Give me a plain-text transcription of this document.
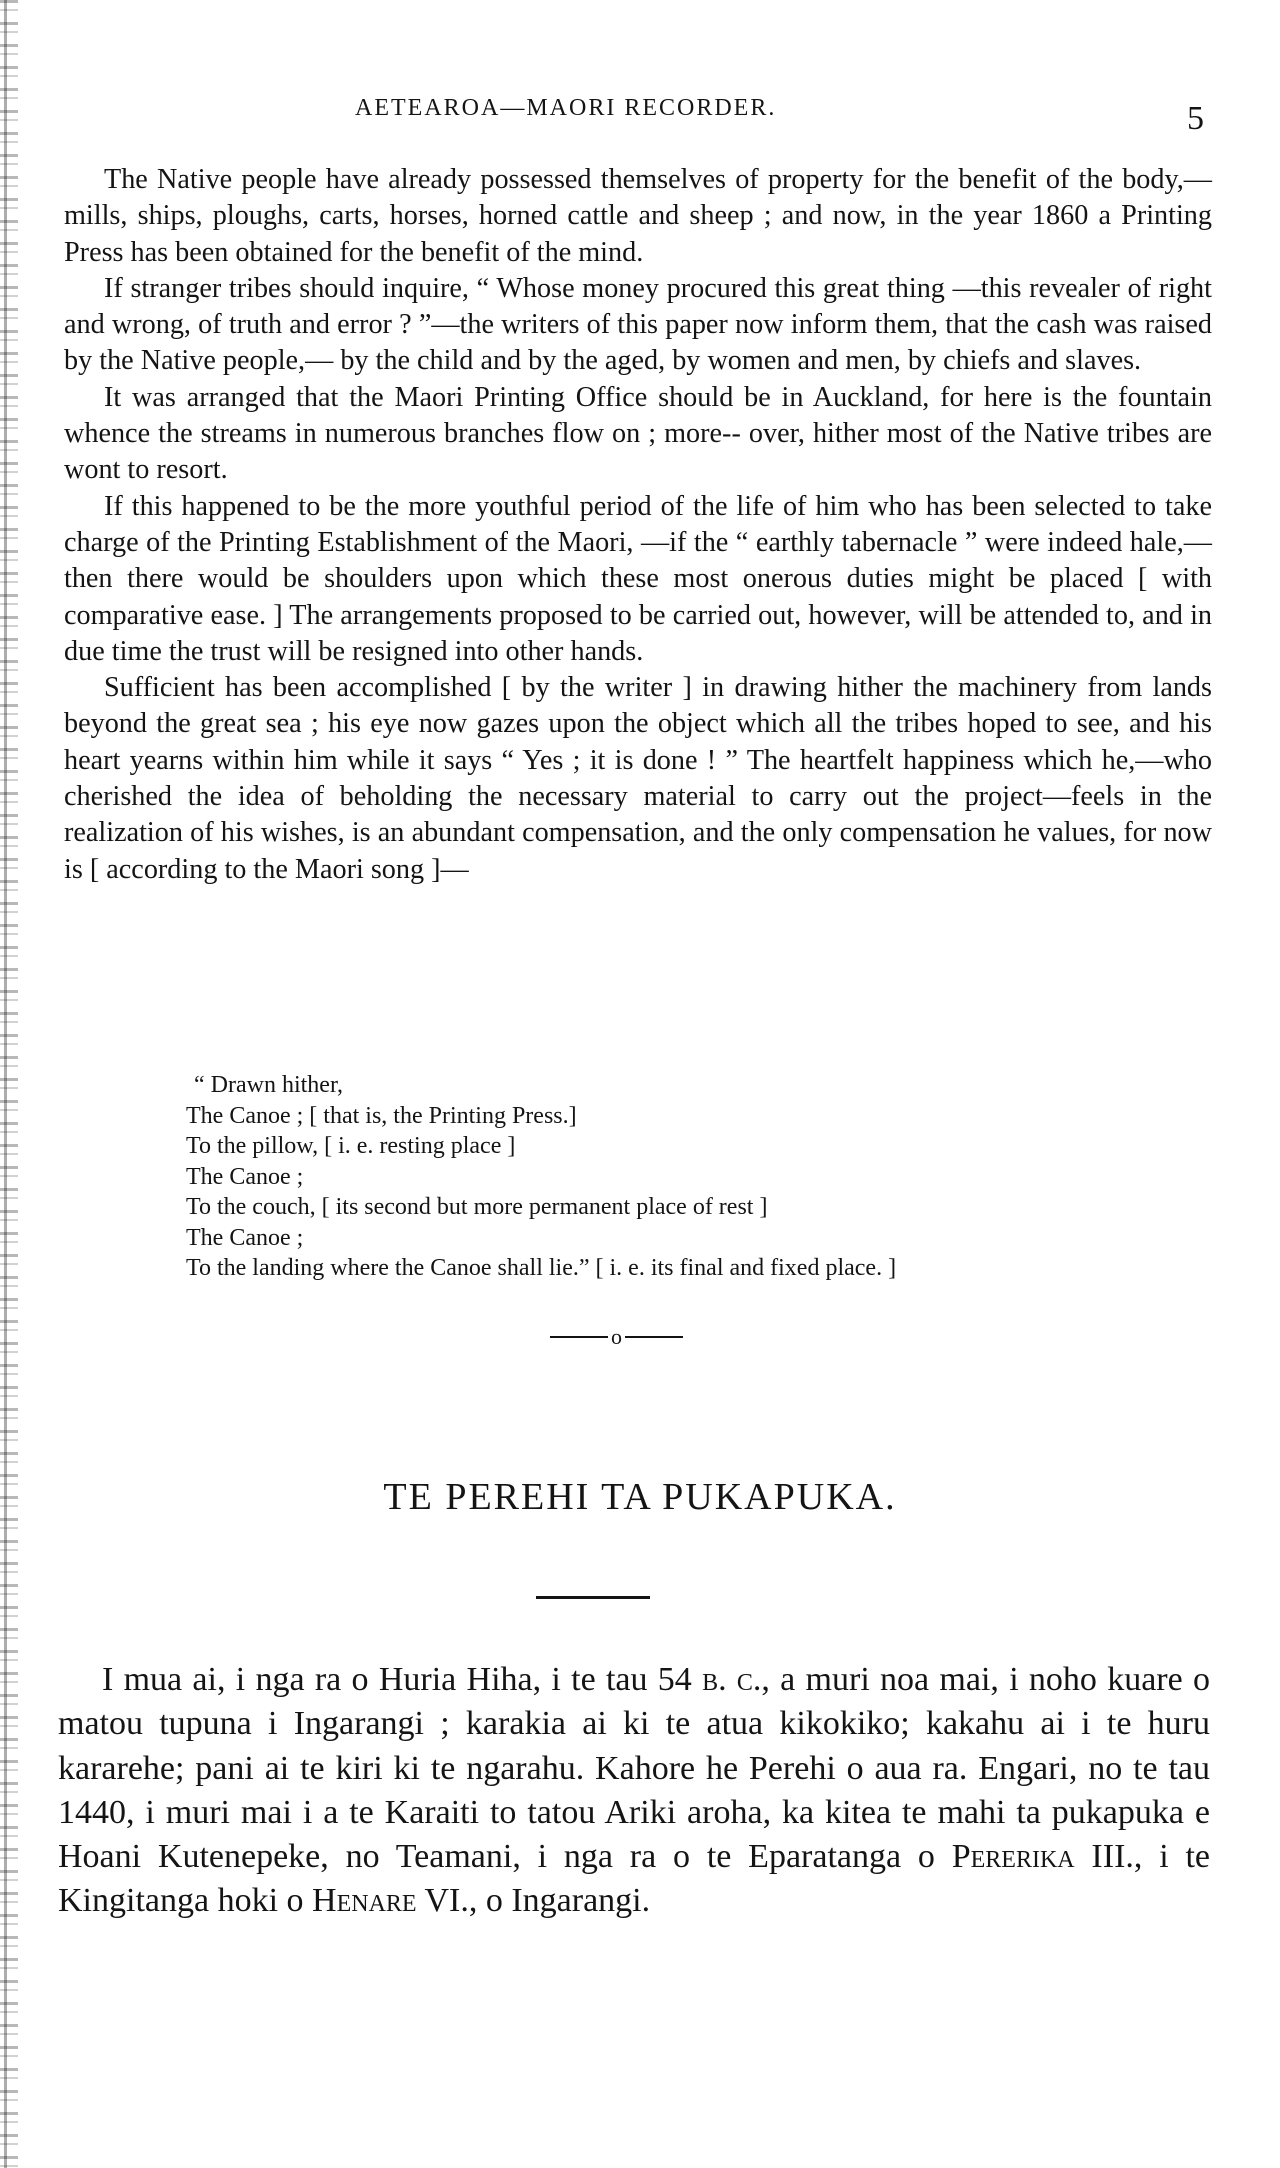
AETEAROA—MAORI RECORDER.	5

The Native people have already possessed themselves of property for the benefit of the body,—mills, ships, ploughs, carts, horses, horned cattle and sheep ; and now, in the year 1860 a Printing Press has been obtained for the benefit of the mind.

If stranger tribes should inquire, “ Whose money procured this great thing —this revealer of right and wrong, of truth and error ? ”—the writers of this paper now inform them, that the cash was raised by the Native people,— by the child and by the aged, by women and men, by chiefs and slaves.

It was arranged that the Maori Printing Office should be in Auckland, for here is the fountain whence the streams in numerous branches flow on ; more-- over, hither most of the Native tribes are wont to resort.

If this happened to be the more youthful period of the life of him who has been selected to take charge of the Printing Establishment of the Maori, —if the “ earthly tabernacle ” were indeed hale,—then there would be shoulders upon which these most onerous duties might be placed [ with comparative ease. ] The arrangements proposed to be carried out, however, will be attended to, and in due time the trust will be resigned into other hands.

Sufficient has been accomplished [ by the writer ] in drawing hither the machinery from lands beyond the great sea ; his eye now gazes upon the object which all the tribes hoped to see, and his heart yearns within him while it says “ Yes ; it is done ! ” The heartfelt happiness which he,—who cherished the idea of beholding the necessary material to carry out the project—feels in the realization of his wishes, is an abundant compensation, and the only compensation he values, for now is [ according to the Maori song ]—

“ Drawn hither,
The Canoe ; [ that is, the Printing Press.]
To the pillow, [ i. e. resting place ]
The Canoe ;
To the couch, [ its second but more permanent place of rest ]
The Canoe ;
To the landing where the Canoe shall lie.” [ i. e. its final and fixed place. ]
o
TE PEREHI TA PUKAPUKA.

I mua ai, i nga ra o Huria Hiha, i te tau 54 b. c., a muri noa mai, i noho kuare o matou tupuna i Ingarangi ; karakia ai ki te atua kikokiko; kakahu ai i te huru kararehe; pani ai te kiri ki te ngarahu. Kahore he Perehi o aua ra. Engari, no te tau 1440, i muri mai i a te Karaiti to tatou Ariki aroha, ka kitea te mahi ta pukapuka e Hoani Kutenepeke, no Teamani, i nga ra o te Eparatanga o Pererika III., i te Kingitanga hoki o Henare VI., o Ingarangi.
